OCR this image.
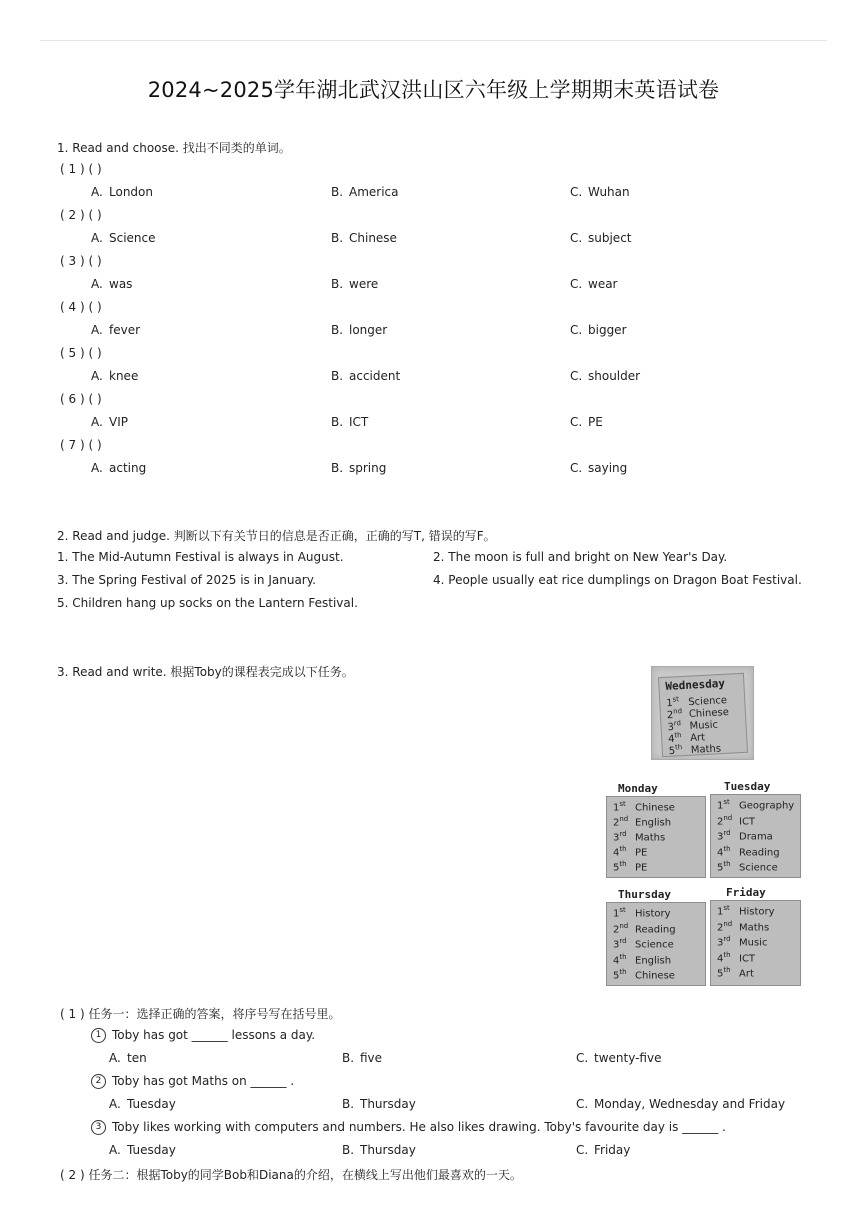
2024~2025学年湖北武汉洪山区六年级上学期期末英语试卷
1. Read and choose. 找出不同类的单词。
( 1 ) ( )
A. London	B. America	C. Wuhan
( 2 ) ( )
A. Science	B. Chinese	C. subject
( 3 ) ( )
A. was	B. were	C. wear
( 4 ) ( )
A. fever	B. longer	C. bigger
( 5 ) ( )
A. knee	B. accident	C. shoulder
( 6 ) ( )
A. VIP	B. ICT	C. PE
( 7 ) ( )
A. acting	B. spring	C. saying
2. Read and judge. 判断以下有关节日的信息是否正确，正确的写T, 错误的写F。
1. The Mid-Autumn Festival is always in August.	2. The moon is full and bright on New Year's Day.
3. The Spring Festival of 2025 is in January.	4. People usually eat rice dumplings on Dragon Boat Festival.
5. Children hang up socks on the Lantern Festival.
3. Read and write. 根据Toby的课程表完成以下任务。
Wednesday
1st Science
2nd Chinese
3rd Music
4th Art
5th Maths
1st Chinese
2nd English
3rd Maths
4th PE
5th PE
Monday
1st Geography
2nd ICT
3rd Drama
4th Reading
5th Science
Tuesday
1st History
2nd Reading
3rd Science
4th English
5th Chinese
Thursday
1st History
2nd Maths
3rd Music
4th ICT
5th Art
Friday
( 1 ) 任务一：选择正确的答案，将序号写在括号里。
1 Toby has got ______ lessons a day.
A. ten	B. five	C. twenty-five
2 Toby has got Maths on ______ .
A. Tuesday	B. Thursday	C. Monday, Wednesday and Friday
3 Toby likes working with computers and numbers. He also likes drawing. Toby's favourite day is ______ .
A. Tuesday	B. Thursday	C. Friday
( 2 ) 任务二：根据Toby的同学Bob和Diana的介绍，在横线上写出他们最喜欢的一天。
